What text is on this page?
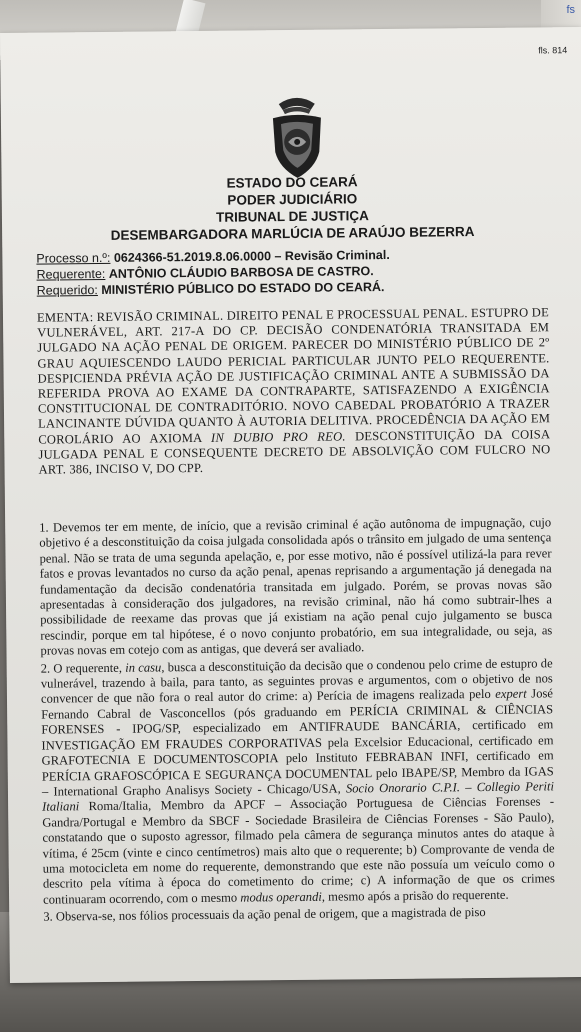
fs
fls. 814
ESTADO DO CEARÁ
PODER JUDICIÁRIO
TRIBUNAL DE JUSTIÇA
DESEMBARGADORA MARLÚCIA DE ARAÚJO BEZERRA
Processo n.º: 0624366-51.2019.8.06.0000 – Revisão Criminal.
Requerente: ANTÔNIO CLÁUDIO BARBOSA DE CASTRO.
Requerido: MINISTÉRIO PÚBLICO DO ESTADO DO CEARÁ.
EMENTA: REVISÃO CRIMINAL. DIREITO PENAL E PROCESSUAL PENAL. ESTUPRO DE VULNERÁVEL, ART. 217-A DO CP. DECISÃO CONDENATÓRIA TRANSITADA EM JULGADO NA AÇÃO PENAL DE ORIGEM. PARECER DO MINISTÉRIO PÚBLICO DE 2º GRAU AQUIESCENDO LAUDO PERICIAL PARTICULAR JUNTO PELO REQUERENTE. DESPICIENDA PRÉVIA AÇÃO DE JUSTIFICAÇÃO CRIMINAL ANTE A SUBMISSÃO DA REFERIDA PROVA AO EXAME DA CONTRAPARTE, SATISFAZENDO A EXIGÊNCIA CONSTITUCIONAL DE CONTRADITÓRIO. NOVO CABEDAL PROBATÓRIO A TRAZER LANCINANTE DÚVIDA QUANTO À AUTORIA DELITIVA. PROCEDÊNCIA DA AÇÃO EM COROLÁRIO AO AXIOMA IN DUBIO PRO REO. DESCONSTITUIÇÃO DA COISA JULGADA PENAL E CONSEQUENTE DECRETO DE ABSOLVIÇÃO COM FULCRO NO ART. 386, INCISO V, DO CPP.

1. Devemos ter em mente, de início, que a revisão criminal é ação autônoma de impugnação, cujo objetivo é a desconstituição da coisa julgada consolidada após o trânsito em julgado de uma sentença penal. Não se trata de uma segunda apelação, e, por esse motivo, não é possível utilizá-la para rever fatos e provas levantados no curso da ação penal, apenas reprisando a argumentação já denegada na fundamentação da decisão condenatória transitada em julgado. Porém, se provas novas são apresentadas à consideração dos julgadores, na revisão criminal, não há como subtrair-lhes a possibilidade de reexame das provas que já existiam na ação penal cujo julgamento se busca rescindir, porque em tal hipótese, é o novo conjunto probatório, em sua integralidade, ou seja, as provas novas em cotejo com as antigas, que deverá ser avaliado.

2. O requerente, in casu, busca a desconstituição da decisão que o condenou pelo crime de estupro de vulnerável, trazendo à baila, para tanto, as seguintes provas e argumentos, com o objetivo de nos convencer de que não fora o real autor do crime: a) Perícia de imagens realizada pelo expert José Fernando Cabral de Vasconcellos (pós graduando em PERÍCIA CRIMINAL & CIÊNCIAS FORENSES - IPOG/SP, especializado em ANTIFRAUDE BANCÁRIA, certificado em INVESTIGAÇÃO EM FRAUDES CORPORATIVAS pela Excelsior Educacional, certificado em GRAFOTECNIA E DOCUMENTOSCOPIA pelo Instituto FEBRABAN INFI, certificado em PERÍCIA GRAFOSCÓPICA E SEGURANÇA DOCUMENTAL pelo IBAPE/SP, Membro da IGAS – International Grapho Analisys Society - Chicago/USA, Socio Onorario C.P.I. – Collegio Periti Italiani Roma/Italia, Membro da APCF – Associação Portuguesa de Ciências Forenses - Gandra/Portugal e Membro da SBCF - Sociedade Brasileira de Ciências Forenses - São Paulo), constatando que o suposto agressor, filmado pela câmera de segurança minutos antes do ataque à vítima, é 25cm (vinte e cinco centímetros) mais alto que o requerente; b) Comprovante de venda de uma motocicleta em nome do requerente, demonstrando que este não possuía um veículo como o descrito pela vítima à época do cometimento do crime; c) A informação de que os crimes continuaram ocorrendo, com o mesmo modus operandi, mesmo após a prisão do requerente.

3. Observa-se, nos fólios processuais da ação penal de origem, que a magistrada de piso
